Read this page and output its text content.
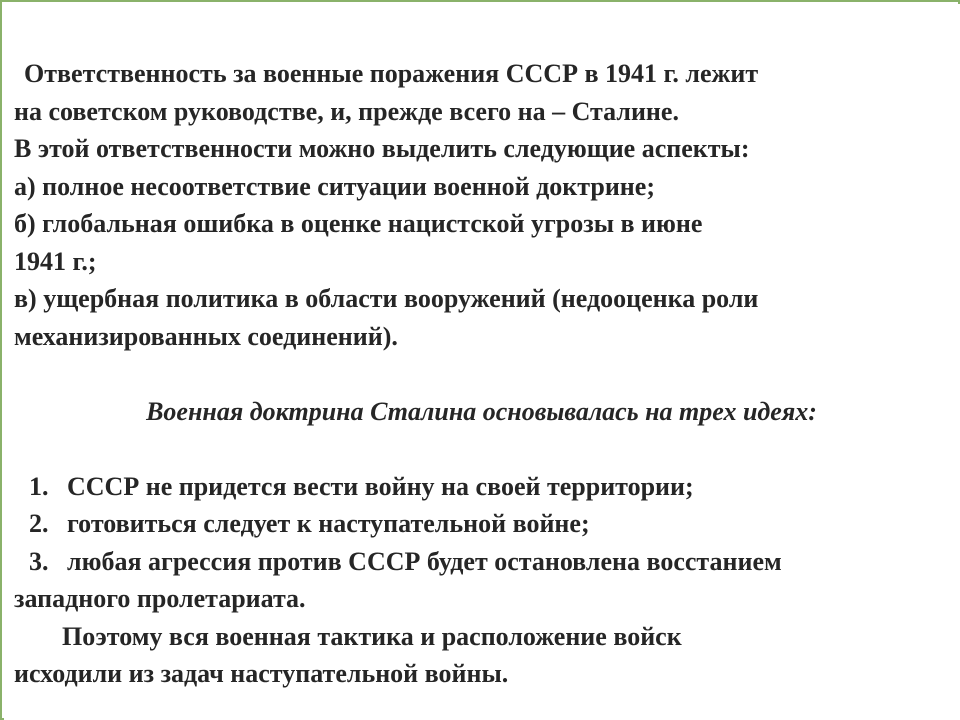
Ответственность за военные поражения СССР в 1941 г. лежит

на советском руководстве, и, прежде всего на – Сталине.

В этой ответственности можно выделить следующие аспекты:

а) полное несоответствие ситуации военной доктрине;

б) глобальная ошибка в оценке нацистской угрозы в июне

1941 г.;

в) ущербная политика в области вооружений (недооценка роли

механизированных соединений).

Военная доктрина Сталина основывалась на трех идеях:

1. СССР не придется вести войну на своей территории;

2. готовиться следует к наступательной войне;

3. любая агрессия против СССР будет остановлена восстанием

западного пролетариата.

Поэтому вся военная тактика и расположение войск

исходили из задач наступательной войны.
